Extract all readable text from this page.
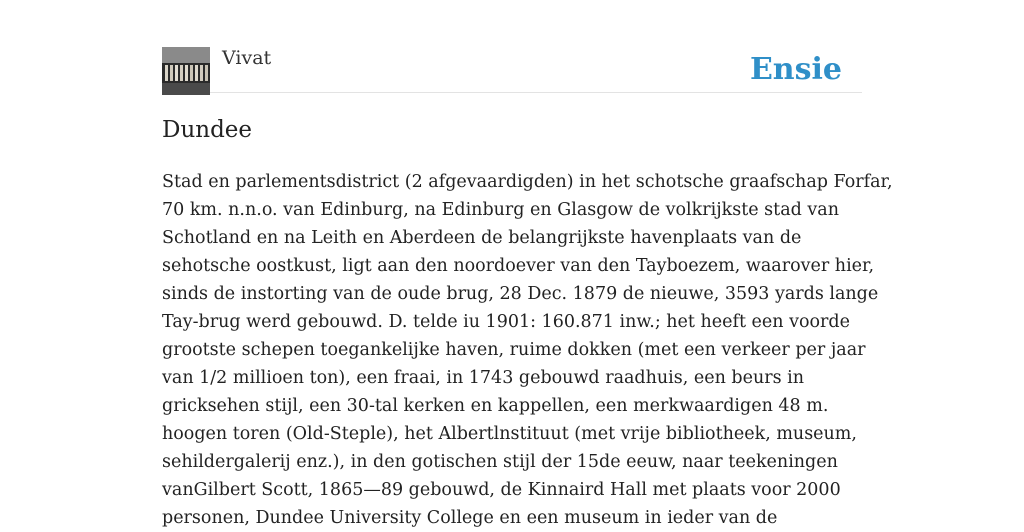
Vivat	Ensie
Dundee
Stad en parlementsdistrict (2 afgevaardigden) in het schotsche graafschap Forfar,
70 km. n.n.o. van Edinburg, na Edinburg en Glasgow de volkrijkste stad van
Schotland en na Leith en Aberdeen de belangrijkste havenplaats van de
sehotsche oostkust, ligt aan den noordoever van den Tayboezem, waarover hier,
sinds de instorting van de oude brug, 28 Dec. 1879 de nieuwe, 3593 yards lange
Tay-brug werd gebouwd. D. telde iu 1901: 160.871 inw.; het heeft een voorde
grootste schepen toegankelijke haven, ruime dokken (met een verkeer per jaar
van 1/2 millioen ton), een fraai, in 1743 gebouwd raadhuis, een beurs in
gricksehen stijl, een 30-tal kerken en kappellen, een merkwaardigen 48 m.
hoogen toren (Old-Steple), het Albertlnstituut (met vrije bibliotheek, museum,
sehildergalerij enz.), in den gotischen stijl der 15de eeuw, naar teekeningen
vanGilbert Scott, 1865—89 gebouwd, de Kinnaird Hall met plaats voor 2000
personen, Dundee University College en een museum in ieder van de
